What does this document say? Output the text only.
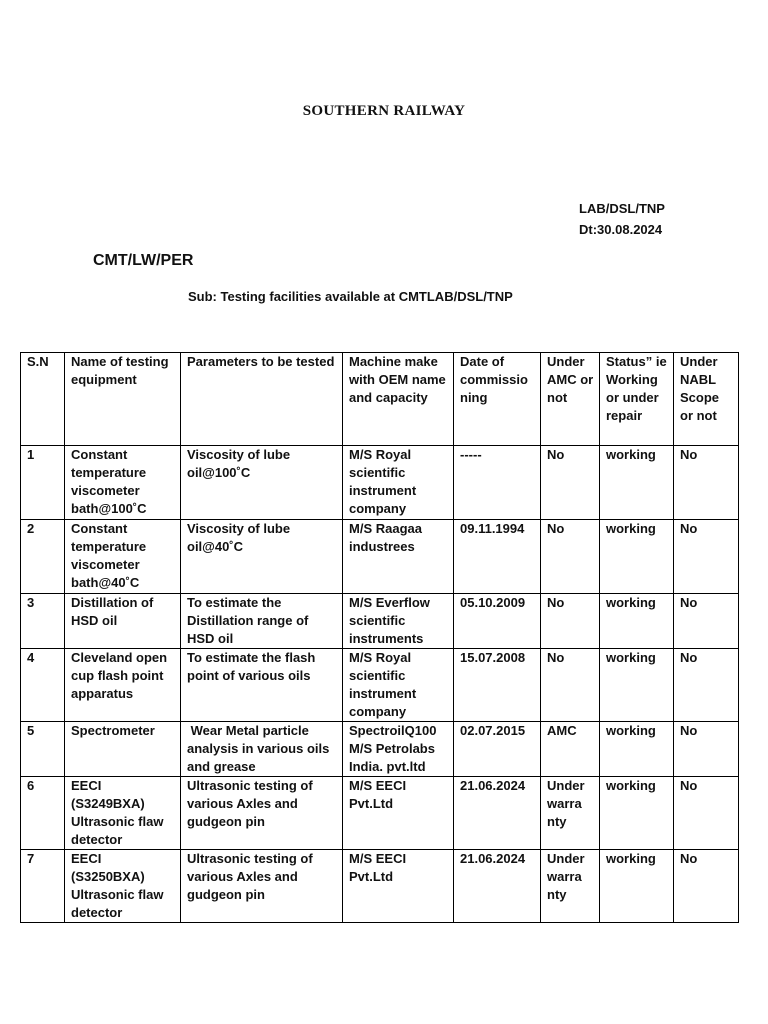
SOUTHERN RAILWAY
LAB/DSL/TNP
Dt:30.08.2024
CMT/LW/PER
Sub: Testing facilities available at CMTLAB/DSL/TNP
S.N	Name of testing equipment	Parameters to be tested	Machine make with OEM name and capacity	Date of commissio ning	Under AMC or not	Status” ie Working or under repair	Under NABL Scope or not
1	Constant temperature viscometer bath@100˚C	Viscosity of lube oil@100˚C	M/S Royal scientific instrument company	-----	No	working	No
2	Constant temperature viscometer bath@40˚C	Viscosity of lube oil@40˚C	M/S Raagaa industrees	09.11.1994	No	working	No
3	Distillation of HSD oil	To estimate the Distillation range of HSD oil	M/S Everflow scientific instruments	05.10.2009	No	working	No
4	Cleveland open cup flash point apparatus	To estimate the flash point of various oils	M/S Royal scientific instrument company	15.07.2008	No	working	No
5	Spectrometer	Wear Metal particle analysis in various oils and grease	SpectroilQ100 M/S Petrolabs India. pvt.ltd	02.07.2015	AMC	working	No
6	EECI (S3249BXA) Ultrasonic flaw detector	Ultrasonic testing of various Axles and gudgeon pin	M/S EECI Pvt.Ltd	21.06.2024	Under warra nty	working	No
7	EECI (S3250BXA) Ultrasonic flaw detector	Ultrasonic testing of various Axles and gudgeon pin	M/S EECI Pvt.Ltd	21.06.2024	Under warra nty	working	No
